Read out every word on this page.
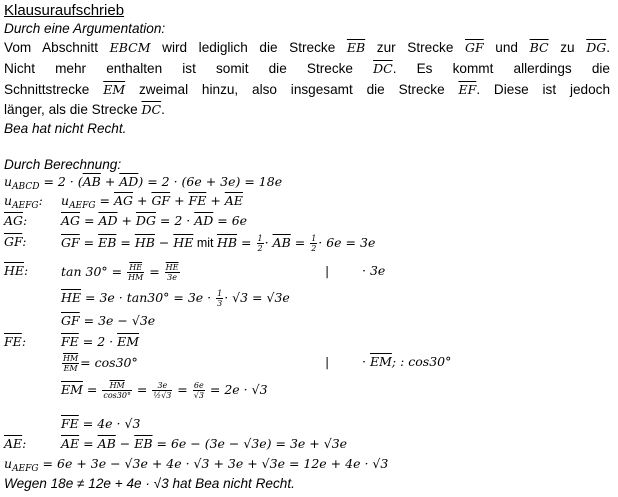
Klausuraufschrieb
Durch eine Argumentation:
Vom Abschnitt EBCM wird lediglich die Strecke $\overline{EB}$ zur Strecke $\overline{GF}$ und $\overline{BC}$ zu $\overline{DG}$.
Nicht mehr enthalten ist somit die Strecke $\overline{DC}$. Es kommt allerdings die
Schnittstrecke $\overline{EM}$ zweimal hinzu, also insgesamt die Strecke $\overline{EF}$. Diese ist jedoch
länger, als die Strecke $\overline{DC}$.
Bea hat nicht Recht.
Durch Berechnung:
$u_{ABCD} = 2 \cdot (\overline{AB} + \overline{AD}) = 2 \cdot (6e + 3e) = 18e$
$u_{AEFG}$: $u_{AEFG} = \overline{AG} + \overline{GF} + \overline{FE} + \overline{AE}$
$\overline{AG}$:	$\overline{AG} = \overline{AD} + \overline{DG} = 2 \cdot \overline{AD} = 6e$
$\overline{GF}$:	$\overline{GF} = \overline{EB} = \overline{HB} - \overline{HE}$ mit $\overline{HB} = \frac{1}{2} \cdot \overline{AB} = \frac{1}{2} \cdot 6e = 3e$
$\overline{HE}$:	$\tan 30^\circ = \frac{\overline{HE}}{HM} = \frac{\overline{HE}}{3e}$	|	· 3e
$\overline{HE} = 3e \cdot \tan 30^\circ = 3e \cdot \frac{1}{3} \cdot √3 = √3e$
$\overline{GF} = 3e - √3e$
$\overline{FE}$:	$\overline{FE} = 2 \cdot \overline{EM}$
$\frac{\overline{HM}}{EM} = \cos 30^\circ$	|	· $\overline{EM}$; : cos30°
$\overline{EM} = \frac{\overline{HM}}{\cos 30^\circ} = \frac{3e}{\text{½√3}} = \frac{6e}{√3} = 2e \cdot √3$
$\overline{FE} = 4e \cdot √3$
$\overline{AE}$:	$\overline{AE} = \overline{AB} - \overline{EB} = 6e - (3e - √3e) = 3e + √3e$
$u_{AEFG} = 6e + 3e - √3e + 4e \cdot √3 + 3e + √3e = 12e + 4e \cdot √3$
Wegen 18e ≠ 12e + 4e · √3 hat Bea nicht Recht.
